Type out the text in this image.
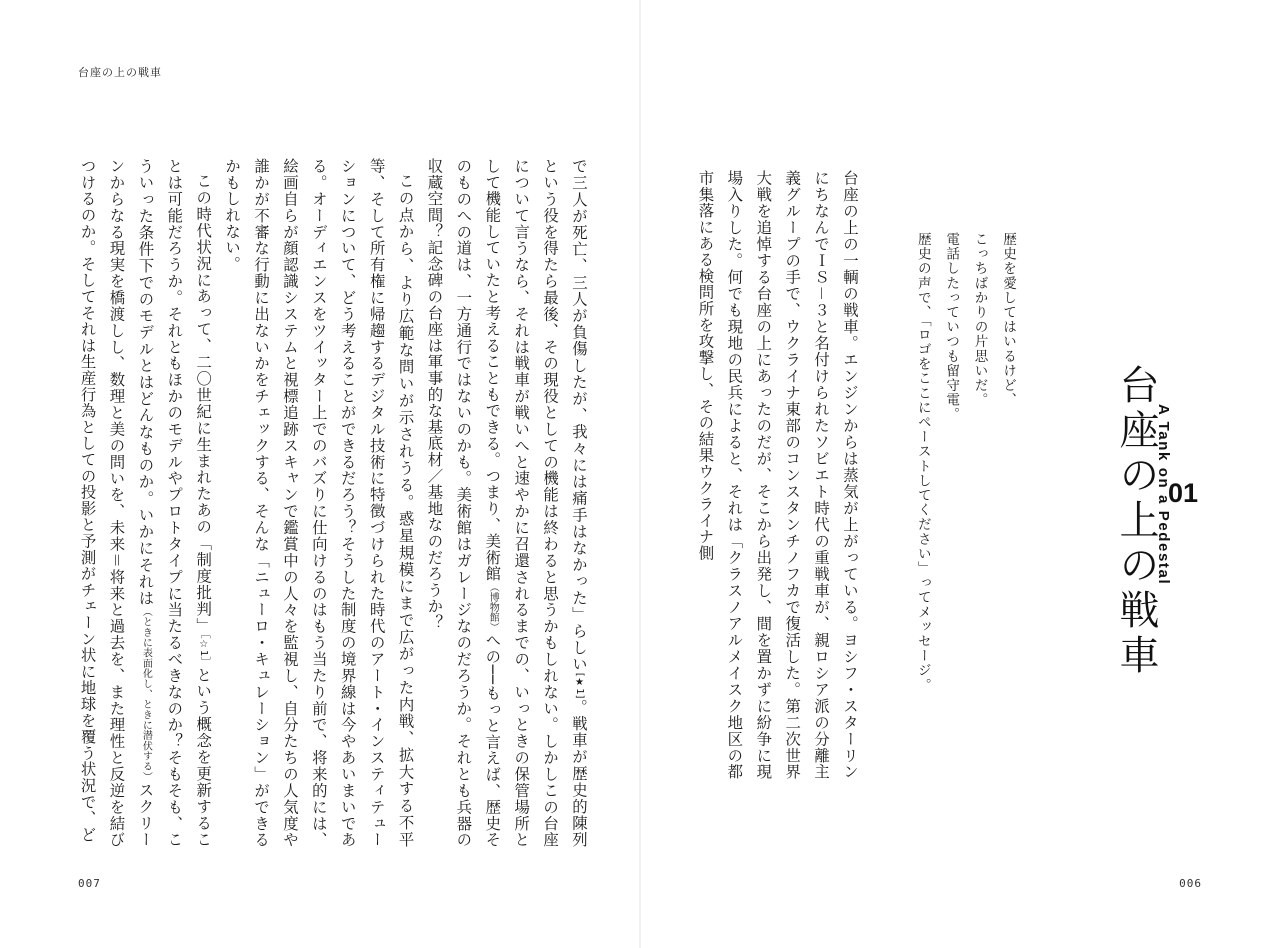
台座の上の戦車

で三人が死亡、三人が負傷したが、我々には痛手はなかった」らしい[★1]。戦車が歴史的陳列という役を得たら最後、その現役としての機能は終わると思うかもしれない。しかしこの台座について言うなら、それは戦車が戦いへと速やかに召還されるまでの、いっときの保管場所として機能していたと考えることもできる。つまり、美術館（博物館）への──もっと言えば、歴史そのものへの道は、一方通行ではないのかも。美術館はガレージなのだろうか。それとも兵器の収蔵空間？記念碑の台座は軍事的な基底材／基地なのだろうか？

この点から、より広範な問いが示されうる。惑星規模にまで広がった内戦、拡大する不平等、そして所有権に帰趨するデジタル技術に特徴づけられた時代のアート・インスティテューションについて、どう考えることができるだろう？そうした制度の境界線は今やあいまいである。オーディエンスをツイッター上でのバズりに仕向けるのはもう当たり前で、将来的には、絵画自らが顔認識システムと視標追跡スキャンで鑑賞中の人々を監視し、自分たちの人気度や誰かが不審な行動に出ないかをチェックする、そんな「ニューロ・キュレーション」ができるかもしれない。

この時代状況にあって、二〇世紀に生まれたあの「制度批判」［☆1］という概念を更新することは可能だろうか。それともほかのモデルやプロトタイプに当たるべきなのか？そもそも、こういった条件下でのモデルとはどんなものか。いかにそれは（ときに表面化し、ときに潜伏する）スクリーンからなる現実を橋渡しし、数理と美の問いを、未来＝将来と過去を、また理性と反逆を結びつけるのか。そしてそれは生産行為としての投影と予測がチェーン状に地球を覆う状況で、ど

007
01
台座の上の戦車
A Tank on a Pedestal
歴史を愛してはいるけど、
こっちばかりの片思いだ。
電話したっていつも留守電。
歴史の声で、「ロゴをここにペーストしてください」ってメッセージ。

台座の上の一輌の戦車。エンジンからは蒸気が上がっている。ヨシフ・スターリンにちなんでＩＳ－３と名付けられたソビエト時代の重戦車が、親ロシア派の分離主義グループの手で、ウクライナ東部のコンスタンチノフカで復活した。第二次世界大戦を追悼する台座の上にあったのだが、そこから出発し、間を置かずに紛争に現場入りした。何でも現地の民兵によると、それは「クラスノアルメイスク地区の都市集落にある検問所を攻撃し、その結果ウクライナ側

006
